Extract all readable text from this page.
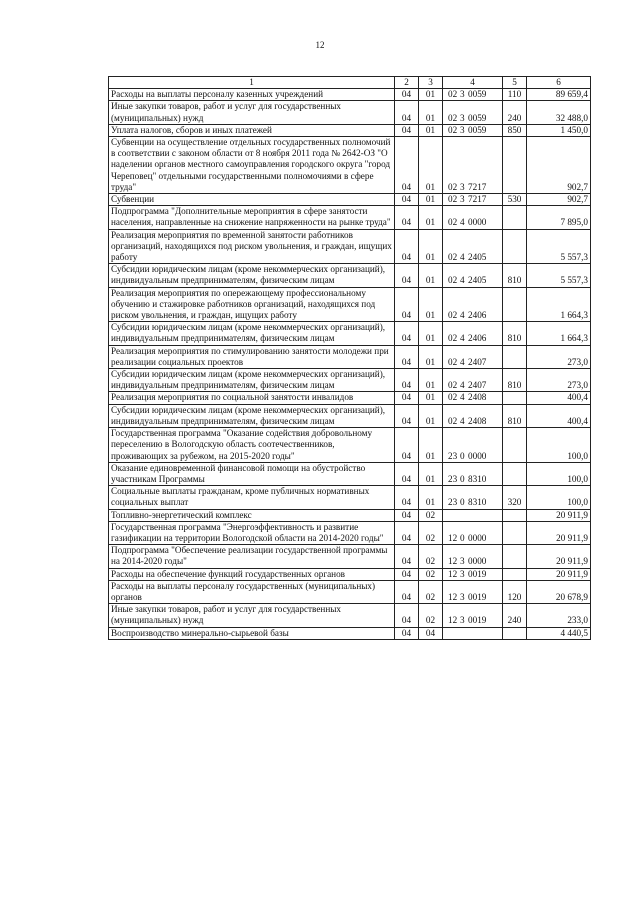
12
1	2	3	4	5	6
Расходы на выплаты персоналу казенных учреждений	04	01	02 3 0059	110	89 659,4
Иные закупки товаров, работ и услуг для государственных (муниципальных) нужд	04	01	02 3 0059	240	32 488,0
Уплата налогов, сборов и иных платежей	04	01	02 3 0059	850	1 450,0
Субвенции на осуществление отдельных государственных полномочий в соответствии с законом области от 8 ноября 2011 года № 2642-ОЗ "О наделении органов местного самоуправления городского округа "город Череповец" отдельными государственными полномочиями в сфере труда"	04	01	02 3 7217		902,7
Субвенции	04	01	02 3 7217	530	902,7
Подпрограмма "Дополнительные мероприятия в сфере занятости населения, направленные на снижение напряженности на рынке труда"	04	01	02 4 0000		7 895,0
Реализация мероприятия по временной занятости работников организаций, находящихся под риском увольнения, и граждан, ищущих работу	04	01	02 4 2405		5 557,3
Субсидии юридическим лицам (кроме некоммерческих организаций), индивидуальным предпринимателям, физическим лицам	04	01	02 4 2405	810	5 557,3
Реализация мероприятия по опережающему профессиональному обучению и стажировке работников организаций, находящихся под риском увольнения, и граждан, ищущих работу	04	01	02 4 2406		1 664,3
Субсидии юридическим лицам (кроме некоммерческих организаций), индивидуальным предпринимателям, физическим лицам	04	01	02 4 2406	810	1 664,3
Реализация мероприятия по стимулированию занятости молодежи при реализации социальных проектов	04	01	02 4 2407		273,0
Субсидии юридическим лицам (кроме некоммерческих организаций), индивидуальным предпринимателям, физическим лицам	04	01	02 4 2407	810	273,0
Реализация мероприятия по социальной занятости инвалидов	04	01	02 4 2408		400,4
Субсидии юридическим лицам (кроме некоммерческих организаций), индивидуальным предпринимателям, физическим лицам	04	01	02 4 2408	810	400,4
Государственная программа "Оказание содействия добровольному переселению в Вологодскую область соотечественников, проживающих за рубежом, на 2015-2020 годы"	04	01	23 0 0000		100,0
Оказание единовременной финансовой помощи на обустройство участникам Программы	04	01	23 0 8310		100,0
Социальные выплаты гражданам, кроме публичных нормативных социальных выплат	04	01	23 0 8310	320	100,0
Топливно-энергетический комплекс	04	02			20 911,9
Государственная программа "Энергоэффективность и развитие газификации на территории Вологодской области на 2014-2020 годы"	04	02	12 0 0000		20 911,9
Подпрограмма "Обеспечение реализации государственной программы на 2014-2020 годы"	04	02	12 3 0000		20 911,9
Расходы на обеспечение функций государственных органов	04	02	12 3 0019		20 911,9
Расходы на выплаты персоналу государственных (муниципальных) органов	04	02	12 3 0019	120	20 678,9
Иные закупки товаров, работ и услуг для государственных (муниципальных) нужд	04	02	12 3 0019	240	233,0
Воспроизводство минерально-сырьевой базы	04	04			4 440,5
